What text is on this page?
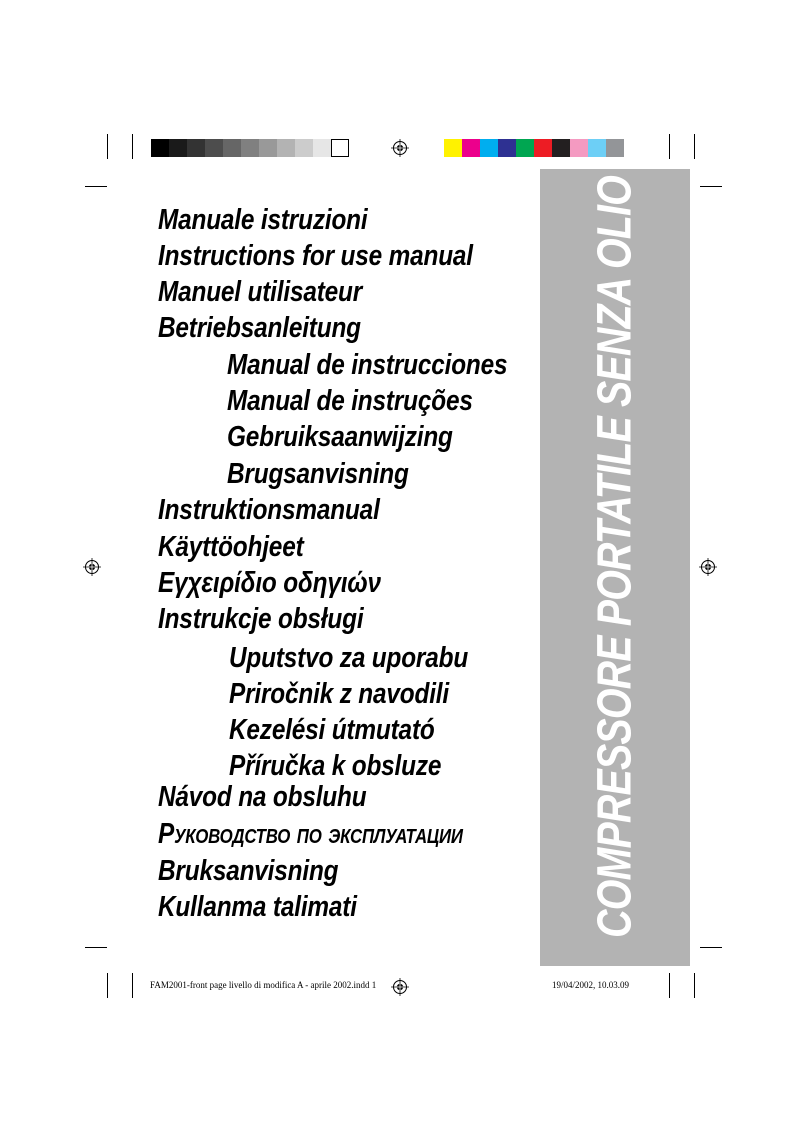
COMPRESSORE PORTATILE SENZA OLIO
Manuale istruzioni
Instructions for use manual
Manuel utilisateur
Betriebsanleitung
Manual de instrucciones
Manual de instruções
Gebruiksaanwijzing
Brugsanvisning
Instruktionsmanual
Käyttöohjeet
Εγχειρίδιο οδηγιών
Instrukcje obsługi
Uputstvo za uporabu
Priročnik z navodili
Kezelési útmutató
Příručka k obsluze
Návod na obsluhu
Руководство по эксплуатации
Bruksanvisning
Kullanma talimati
FAM2001-front page livello di modifica A - aprile 2002.indd 1	19/04/2002, 10.03.09
